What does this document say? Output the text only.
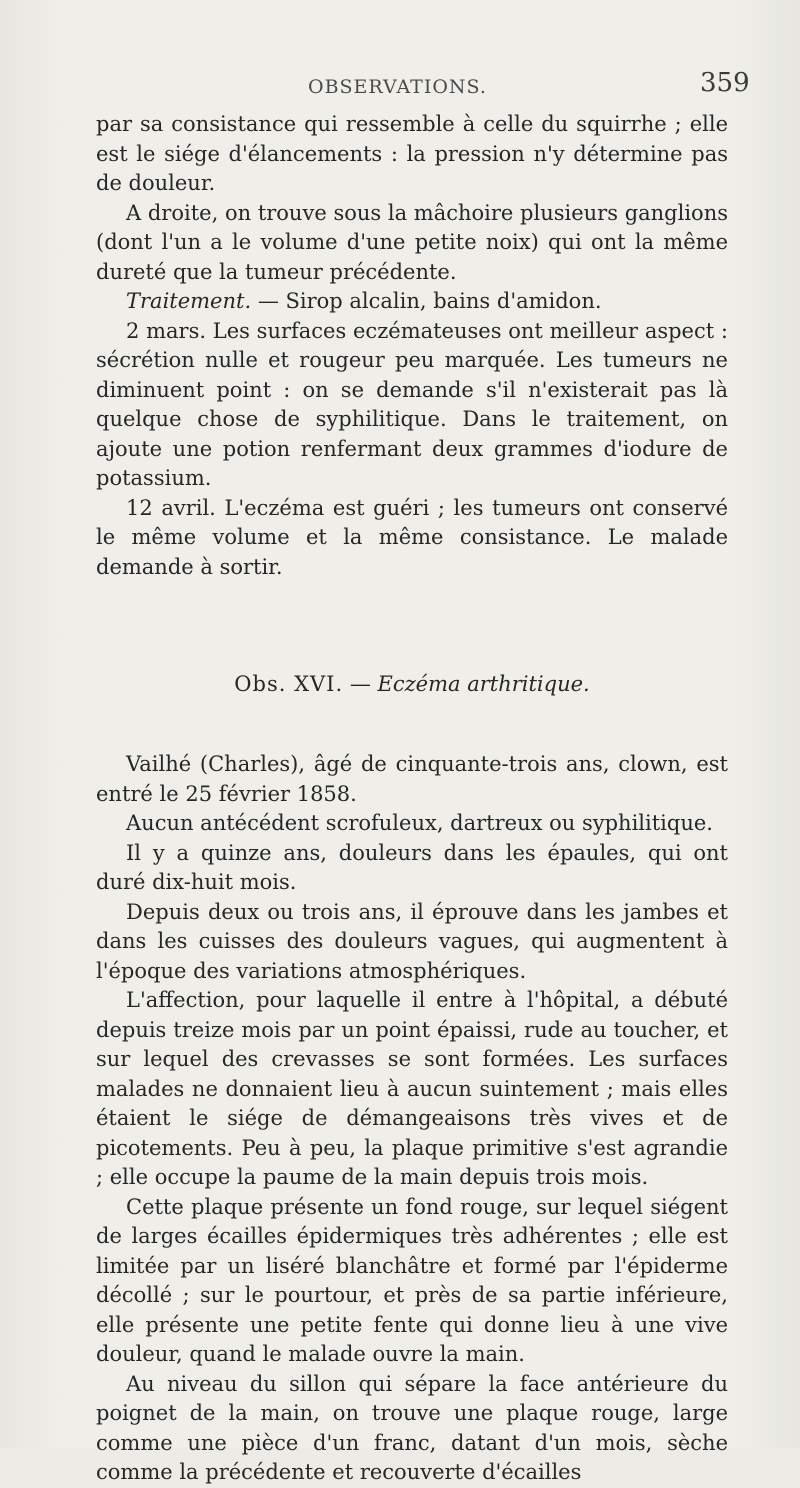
OBSERVATIONS.	359

par sa consistance qui ressemble à celle du squirrhe ; elle est le siége d'élancements : la pression n'y détermine pas de douleur.

A droite, on trouve sous la mâchoire plusieurs ganglions (dont l'un a le volume d'une petite noix) qui ont la même dureté que la tumeur précédente.

Traitement. — Sirop alcalin, bains d'amidon.

2 mars. Les surfaces eczémateuses ont meilleur aspect : sécrétion nulle et rougeur peu marquée. Les tumeurs ne diminuent point : on se demande s'il n'existerait pas là quelque chose de syphilitique. Dans le traitement, on ajoute une potion renfermant deux grammes d'iodure de potassium.

12 avril. L'eczéma est guéri ; les tumeurs ont conservé le même volume et la même consistance. Le malade demande à sortir.

Obs. XVI. — Eczéma arthritique.

Vailhé (Charles), âgé de cinquante-trois ans, clown, est entré le 25 février 1858.

Aucun antécédent scrofuleux, dartreux ou syphilitique.

Il y a quinze ans, douleurs dans les épaules, qui ont duré dix-huit mois.

Depuis deux ou trois ans, il éprouve dans les jambes et dans les cuisses des douleurs vagues, qui augmentent à l'époque des variations atmosphériques.

L'affection, pour laquelle il entre à l'hôpital, a débuté depuis treize mois par un point épaissi, rude au toucher, et sur lequel des crevasses se sont formées. Les surfaces malades ne donnaient lieu à aucun suintement ; mais elles étaient le siége de démangeaisons très vives et de picotements. Peu à peu, la plaque primitive s'est agrandie ; elle occupe la paume de la main depuis trois mois.

Cette plaque présente un fond rouge, sur lequel siégent de larges écailles épidermiques très adhérentes ; elle est limitée par un liséré blanchâtre et formé par l'épiderme décollé ; sur le pourtour, et près de sa partie inférieure, elle présente une petite fente qui donne lieu à une vive douleur, quand le malade ouvre la main.

Au niveau du sillon qui sépare la face antérieure du poignet de la main, on trouve une plaque rouge, large comme une pièce d'un franc, datant d'un mois, sèche comme la précédente et recouverte d'écailles
